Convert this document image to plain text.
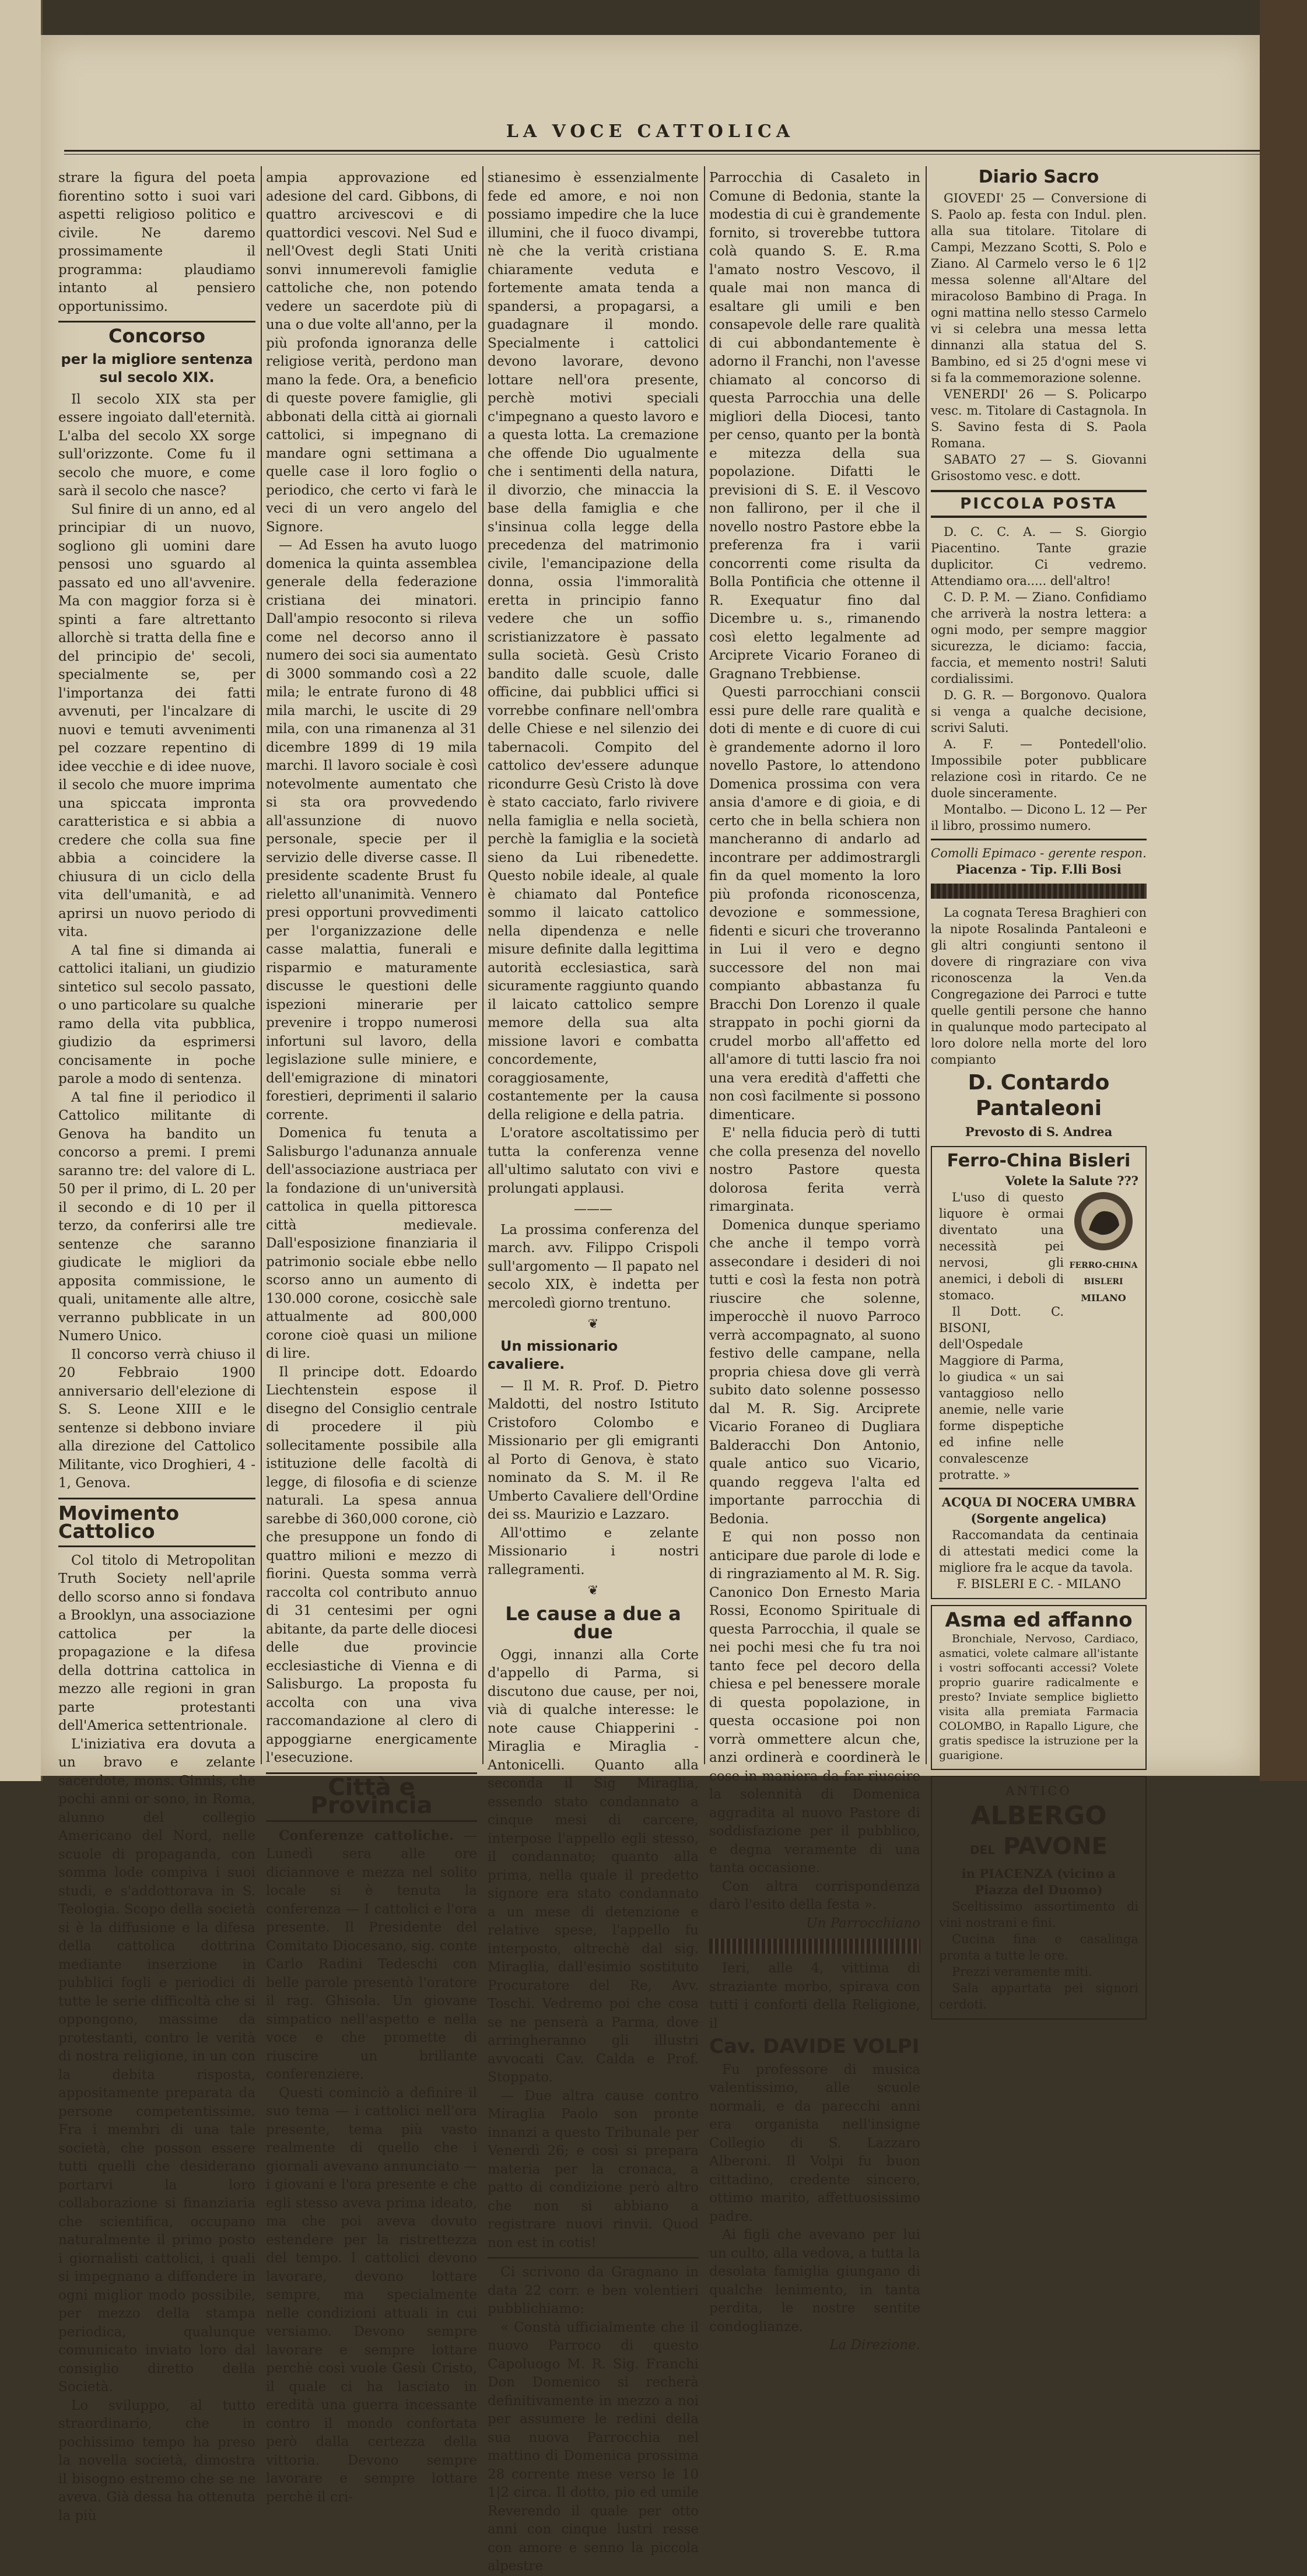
LA VOCE CATTOLICA

strare la figura del poeta fiorentino sotto i suoi vari aspetti religioso politico e civile. Ne daremo prossimamente il programma: plaudiamo intanto al pensiero opportunissimo.

Concorso
per la migliore sentenza sul secolo XIX.

Il secolo XIX sta per essere ingoiato dall'eternità. L'alba del secolo XX sorge sull'orizzonte. Come fu il secolo che muore, e come sarà il secolo che nasce?

Sul finire di un anno, ed al principiar di un nuovo, sogliono gli uomini dare pensosi uno sguardo al passato ed uno all'avvenire. Ma con maggior forza si è spinti a fare altrettanto allorchè si tratta della fine e del principio de' secoli, specialmente se, per l'importanza dei fatti avvenuti, per l'incalzare di nuovi e temuti avvenimenti pel cozzare repentino di idee vecchie e di idee nuove, il secolo che muore imprima una spiccata impronta caratteristica e si abbia a credere che colla sua fine abbia a coincidere la chiusura di un ciclo della vita dell'umanità, e ad aprirsi un nuovo periodo di vita.

A tal fine si dimanda ai cattolici italiani, un giudizio sintetico sul secolo passato, o uno particolare su qualche ramo della vita pubblica, giudizio da esprimersi concisamente in poche parole a modo di sentenza.

A tal fine il periodico il Cattolico militante di Genova ha bandito un concorso a premi. I premi saranno tre: del valore di L. 50 per il primo, di L. 20 per il secondo e di 10 per il terzo, da conferirsi alle tre sentenze che saranno giudicate le migliori da apposita commissione, le quali, unitamente alle altre, verranno pubblicate in un Numero Unico.

Il concorso verrà chiuso il 20 Febbraio 1900 anniversario dell'elezione di S. S. Leone XIII e le sentenze si debbono inviare alla direzione del Cattolico Militante, vico Droghieri, 4 - 1, Genova.

Movimento Cattolico

Col titolo di Metropolitan Truth Society nell'aprile dello scorso anno si fondava a Brooklyn, una associazione cattolica per la propagazione e la difesa della dottrina cattolica in mezzo alle regioni in gran parte protestanti dell'America settentrionale.

L'iniziativa era dovuta a un bravo e zelante sacerdote, mons. Ginnis, che pochi anni or sono, in Roma, alunno del collegio Americano del Nord, nelle scuole di propaganda, con somma lode compiva i suoi studi, e s'addottorava in S. Teologia. Scopo della società si è la diffusione e la difesa della cattolica dottrina mediante inserzione in pubblici fogli e periodici di tutte le serie difficoltà che si oppongono, massime da protestanti, contro le verità di nostra religione, in un con la debita risposta, appositamente preparata da persone competentissime. Fra i membri di una tale società, che posson essere tutti quelli che desiderano portarvi la loro collaborazione si finanziaria che scientifica, occupano naturalmente il primo posto i giornalisti cattolici, i quali si impegnano a diffondere in ogni miglior modo possibile, per mezzo della stampa periodica, qualunque comunicato inviato loro dal consiglio diretto della Società.

Lo sviluppo, al tutto straordinario, che in pochissimo tempo ha preso la novella società, dimostra il bisogno estremo che se ne aveva. Già dessa ha ottenuta la più

ampia approvazione ed adesione del card. Gibbons, di quattro arcivescovi e di quattordici vescovi. Nel Sud e nell'Ovest degli Stati Uniti sonvi innumerevoli famiglie cattoliche che, non potendo vedere un sacerdote più di una o due volte all'anno, per la più profonda ignoranza delle religiose verità, perdono man mano la fede. Ora, a beneficio di queste povere famiglie, gli abbonati della città ai giornali cattolici, si impegnano di mandare ogni settimana a quelle case il loro foglio o periodico, che certo vi farà le veci di un vero angelo del Signore.

— Ad Essen ha avuto luogo domenica la quinta assemblea generale della federazione cristiana dei minatori. Dall'ampio resoconto si rileva come nel decorso anno il numero dei soci sia aumentato di 3000 sommando così a 22 mila; le entrate furono di 48 mila marchi, le uscite di 29 mila, con una rimanenza al 31 dicembre 1899 di 19 mila marchi. Il lavoro sociale è così notevolmente aumentato che si sta ora provvedendo all'assunzione di nuovo personale, specie per il servizio delle diverse casse. Il presidente scadente Brust fu rieletto all'unanimità. Vennero presi opportuni provvedimenti per l'organizzazione delle casse malattia, funerali e risparmio e maturamente discusse le questioni delle ispezioni minerarie per prevenire i troppo numerosi infortuni sul lavoro, della legislazione sulle miniere, e dell'emigrazione di minatori forestieri, deprimenti il salario corrente.

Domenica fu tenuta a Salisburgo l'adunanza annuale dell'associazione austriaca per la fondazione di un'università cattolica in quella pittoresca città medievale. Dall'esposizione finanziaria il patrimonio sociale ebbe nello scorso anno un aumento di 130.000 corone, cosicchè sale attualmente ad 800,000 corone cioè quasi un milione di lire.

Il principe dott. Edoardo Liechtenstein espose il disegno del Consiglio centrale di procedere il più sollecitamente possibile alla istituzione delle facoltà di legge, di filosofia e di scienze naturali. La spesa annua sarebbe di 360,000 corone, ciò che presuppone un fondo di quattro milioni e mezzo di fiorini. Questa somma verrà raccolta col contributo annuo di 31 centesimi per ogni abitante, da parte delle diocesi delle due provincie ecclesiastiche di Vienna e di Salisburgo. La proposta fu accolta con una viva raccomandazione al clero di appoggiarne energicamente l'esecuzione.

Città e Provincia

Conferenze cattoliche. — Lunedì sera alle ore diciannove e mezza nel solito locale si è tenuta la conferenza — I cattolici e l'ora presente. Il Presidente del Comitato Diocesano, sig. conte Carlo Radini Tedeschi con belle parole presentò l'oratore il rag. Ghisola. Un giovane simpatico nell'aspetto e nella voce e che promette di riuscire un brillante conferenziere.

Questi cominciò a definire il suo tema — i cattolici nell'ora presente, tema più vasto realmente di quello che i giornali avevano annunciato — i giovani e l'ora presente e che egli stesso aveva prima ideato, ma che poi aveva dovuto estendere per la ristrettezza del tempo. I cattolici devono lavorare, devono lottare sempre, ma specialmente nelle condizioni attuali in cui versiamo. Devono sempre lavorare e sempre lottare perchè così vuole Gesù Cristo, il quale ci ha lasciato in eredità una guerra incessante contro il mondo confortata però dalla certezza della vittoria. Devono sempre lavorare e sempre lottare perchè il cri-

stianesimo è essenzialmente fede ed amore, e noi non possiamo impedire che la luce illumini, che il fuoco divampi, nè che la verità cristiana chiaramente veduta e fortemente amata tenda a spandersi, a propagarsi, a guadagnare il mondo. Specialmente i cattolici devono lavorare, devono lottare nell'ora presente, perchè motivi speciali c'impegnano a questo lavoro e a questa lotta. La cremazione che offende Dio ugualmente che i sentimenti della natura, il divorzio, che minaccia la base della famiglia e che s'insinua colla legge della precedenza del matrimonio civile, l'emancipazione della donna, ossia l'immoralità eretta in principio fanno vedere che un soffio scristianizzatore è passato sulla società. Gesù Cristo bandito dalle scuole, dalle officine, dai pubblici uffici si vorrebbe confinare nell'ombra delle Chiese e nel silenzio dei tabernacoli. Compito del cattolico dev'essere adunque ricondurre Gesù Cristo là dove è stato cacciato, farlo rivivere nella famiglia e nella società, perchè la famiglia e la società sieno da Lui ribenedette. Questo nobile ideale, al quale è chiamato dal Pontefice sommo il laicato cattolico nella dipendenza e nelle misure definite dalla legittima autorità ecclesiastica, sarà sicuramente raggiunto quando il laicato cattolico sempre memore della sua alta missione lavori e combatta concordemente, coraggiosamente, costantemente per la causa della religione e della patria.

L'oratore ascoltatissimo per tutta la conferenza venne all'ultimo salutato con vivi e prolungati applausi.

———

La prossima conferenza del march. avv. Filippo Crispoli sull'argomento — Il papato nel secolo XIX, è indetta per mercoledì giorno trentuno.

❦
Un missionario cavaliere.

— Il M. R. Prof. D. Pietro Maldotti, del nostro Istituto Cristoforo Colombo e Missionario per gli emigranti al Porto di Genova, è stato nominato da S. M. il Re Umberto Cavaliere dell'Ordine dei ss. Maurizio e Lazzaro.

All'ottimo e zelante Missionario i nostri rallegramenti.

❦
Le cause a due a due

Oggi, innanzi alla Corte d'appello di Parma, si discutono due cause, per noi, vià di qualche interesse: le note cause Chiapperini - Miraglia e Miraglia - Antonicelli. Quanto alla seconda il Sig Miraglia, essendo stato condannato a cinque mesi di carcere, interpose l'appello egli stesso, il condannato; quanto alla prima, nella quale il predetto signore era stato condannato a un mese di detenzione e relative spese, l'appello fu interposto, oltrechè dal sig. Miraglia, dall'esimio sostituto Procuratore del Re, Avv. Toschi. Vedremo poi che cosa se ne penserà a Parma, dove arringheranno gli illustri avvocati Cav. Calda e Prof. Stoppato.

— Due altra cause contro Miraglia Paolo son pronte innanzi a questo Tribunale per Venerdì 26; e così si prepara materia per la cronaca, a patto di condizione però altro che non si abbiano a registrare nuovi rinvii. Quod non est in cotis!

Ci scrivono da Gragnano in data 22 corr. e ben volentieri pubblichiamo:

« Constà ufficialmente che il nuovo Parroco di questo Capoluogo M. R. Sig. Franchi Don Domenico si recherà definitivamente in mezzo a noi per assumere le redini della sua nuova Parrocchia nel mattino di Domenica prossima 28 corrente mese verso le 10 1|2 circa. Il dotto, pio ed umile Reverendo il quale per otto anni con cinque lustri resse con amore e senno la piccola alpestre

Parrocchia di Casaleto in Comune di Bedonia, stante la modestia di cui è grandemente fornito, si troverebbe tuttora colà quando S. E. R.ma l'amato nostro Vescovo, il quale mai non manca di esaltare gli umili e ben consapevole delle rare qualità di cui abbondantemente è adorno il Franchi, non l'avesse chiamato al concorso di questa Parrocchia una delle migliori della Diocesi, tanto per censo, quanto per la bontà e mitezza della sua popolazione. Difatti le previsioni di S. E. il Vescovo non fallirono, per il che il novello nostro Pastore ebbe la preferenza fra i varii concorrenti come risulta da Bolla Pontificia che ottenne il R. Exequatur fino dal Dicembre u. s., rimanendo così eletto legalmente ad Arciprete Vicario Foraneo di Gragnano Trebbiense.

Questi parrocchiani conscii essi pure delle rare qualità e doti di mente e di cuore di cui è grandemente adorno il loro novello Pastore, lo attendono Domenica prossima con vera ansia d'amore e di gioia, e di certo che in bella schiera non mancheranno di andarlo ad incontrare per addimostrargli fin da quel momento la loro più profonda riconoscenza, devozione e sommessione, fidenti e sicuri che troveranno in Lui il vero e degno successore del non mai compianto abbastanza fu Bracchi Don Lorenzo il quale strappato in pochi giorni da crudel morbo all'affetto ed all'amore di tutti lascio fra noi una vera eredità d'affetti che non così facilmente si possono dimenticare.

E' nella fiducia però di tutti che colla presenza del novello nostro Pastore questa dolorosa ferita verrà rimarginata.

Domenica dunque speriamo che anche il tempo vorrà assecondare i desideri di noi tutti e così la festa non potrà riuscire che solenne, imperocchè il nuovo Parroco verrà accompagnato, al suono festivo delle campane, nella propria chiesa dove gli verrà subito dato solenne possesso dal M. R. Sig. Arciprete Vicario Foraneo di Dugliara Balderacchi Don Antonio, quale antico suo Vicario, quando reggeva l'alta ed importante parrocchia di Bedonia.

E qui non posso non anticipare due parole di lode e di ringraziamento al M. R. Sig. Canonico Don Ernesto Maria Rossi, Economo Spirituale di questa Parrocchia, il quale se nei pochi mesi che fu tra noi tanto fece pel decoro della chiesa e pel benessere morale di questa popolazione, in questa occasione poi non vorrà ommettere alcun che, anzi ordinerà e coordinerà le cose in maniera da far riuscire la solennità di Domenica aggradita al nuovo Pastore di soddisfazione per il pubblico, e degna veramente di una tanta occasione.

Con altra corrispondenza darò l'esito della festa ».

Un Parrocchiano

Ieri, alle 4, vittima di straziante morbo, spirava con tutti i conforti della Religione, il

Cav. DAVIDE VOLPI

Fu professore di musica valentissimo, alle scuole normali, e da parecchi anni era organista nell'insigne Collegio di S. Lazzaro Alberoni. Il Volpi fu buon cittadino, credente sincero, ottimo marito, affettuosissimo padre.

Ai figli che avevano per lui un culto, alla vedova, a tutta la desolata famiglia giungano di qualche lenimento, in tanta perdita, le nostre sentite condoglianze.

La Direzione.
Diario Sacro

GIOVEDI' 25 — Conversione di S. Paolo ap. festa con Indul. plen. alla sua titolare. Titolare di Campi, Mezzano Scotti, S. Polo e Ziano. Al Carmelo verso le 6 1|2 messa solenne all'Altare del miracoloso Bambino di Praga. In ogni mattina nello stesso Carmelo vi si celebra una messa letta dinnanzi alla statua del S. Bambino, ed si 25 d'ogni mese vi si fa la commemorazione solenne.

VENERDI' 26 — S. Policarpo vesc. m. Titolare di Castagnola. In S. Savino festa di S. Paola Romana.

SABATO 27 — S. Giovanni Grisostomo vesc. e dott.

PICCOLA POSTA

D. C. C. A. — S. Giorgio Piacentino. Tante grazie duplicitor. Ci vedremo. Attendiamo ora..... dell'altro!

C. D. P. M. — Ziano. Confidiamo che arriverà la nostra lettera: a ogni modo, per sempre maggior sicurezza, le diciamo: faccia, faccia, et memento nostri! Saluti cordialissimi.

D. G. R. — Borgonovo. Qualora si venga a qualche decisione, scrivi Saluti.

A. F. — Pontedell'olio. Impossibile poter pubblicare relazione così in ritardo. Ce ne duole sinceramente.

Montalbo. — Dicono L. 12 — Per il libro, prossimo numero.

Comolli Epimaco - gerente respon.

Piacenza - Tip. F.lli Bosi

La cognata Teresa Braghieri con la nipote Rosalinda Pantaleoni e gli altri congiunti sentono il dovere di ringraziare con viva riconoscenza la Ven.da Congregazione dei Parroci e tutte quelle gentili persone che hanno in qualunque modo partecipato al loro dolore nella morte del loro compianto

D. Contardo Pantaleoni

Prevosto di S. Andrea

Ferro-China Bisleri
Volete la Salute ???

L'uso di questo liquore è ormai diventato una necessità pei nervosi, gli anemici, i deboli di stomaco.

Il Dott. C. BISONI, dell'Ospedale Maggiore di Parma, lo giudica « un sai vantaggioso nello anemie, nelle varie forme dispeptiche ed infine nelle convalescenze protratte. »

FERRO-CHINA BISLERI
MILANO

ACQUA DI NOCERA UMBRA

(Sorgente angelica)

Raccomandata da centinaia di attestati medici come la migliore fra le acque da tavola.

F. BISLERI E C. - MILANO

Asma ed affanno

Bronchiale, Nervoso, Cardiaco, asmatici, volete calmare all'istante i vostri soffocanti accessi? Volete proprio guarire radicalmente e presto? Inviate semplice biglietto visita alla premiata Farmacia COLOMBO, in Rapallo Ligure, che gratis spedisce la istruzione per la guarigione.

ANTICO

ALBERGO
DEL PAVONE

in PIACENZA (vicino a Piazza del Duomo)

Sceltissimo assortimento di vini nostrani e fini.

Cucina fina e casalinga pronta a tutte le ore.

Prezzi veramente miti.

Sala appartata pei signori cerdoti.
